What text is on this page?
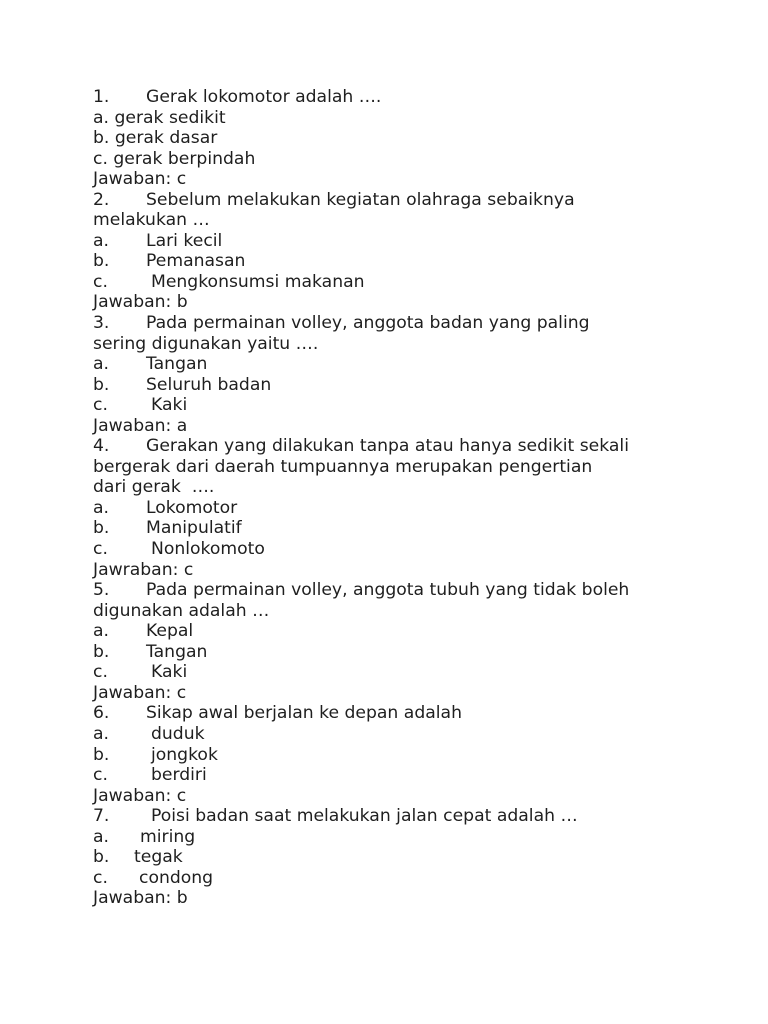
1.	Gerak lokomotor adalah ….
a. gerak sedikit
b. gerak dasar
c. gerak berpindah
Jawaban: c
2.	Sebelum melakukan kegiatan olahraga sebaiknya
melakukan …
a.	Lari kecil
b.	Pemanasan
c.	Mengkonsumsi makanan
Jawaban: b
3.	Pada permainan volley, anggota badan yang paling
sering digunakan yaitu ….
a.	Tangan
b.	Seluruh badan
c.	Kaki
Jawaban: a
4.	Gerakan yang dilakukan tanpa atau hanya sedikit sekali
bergerak dari daerah tumpuannya merupakan pengertian
dari gerak  ….
a.	Lokomotor
b.	Manipulatif
c.	Nonlokomoto
Jawraban: c
5.	Pada permainan volley, anggota tubuh yang tidak boleh
digunakan adalah …
a.	Kepal
b.	Tangan
c.	Kaki
Jawaban: c
6.	Sikap awal berjalan ke depan adalah
a.	duduk
b.	jongkok
c.	berdiri
Jawaban: c
7.	Poisi badan saat melakukan jalan cepat adalah …
a.	miring
b.	tegak
c.	condong
Jawaban: b
